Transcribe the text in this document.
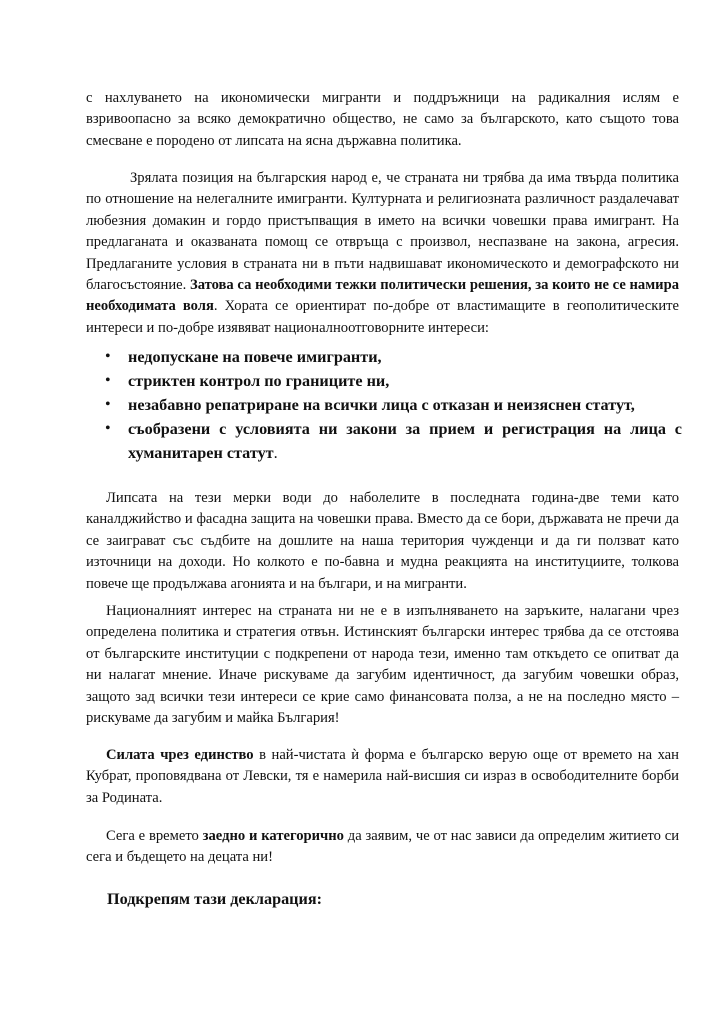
с нахлуването на икономически мигранти и поддръжници на радикалния ислям е взривоопасно за всяко демократично общество, не само за българското, като същото това смесване е породено от липсата на ясна държавна политика.
Зрялата позиция на българския народ е, че страната ни трябва да има твърда политика по отношение на нелегалните имигранти. Културната и религиозната различност раздалечават любезния домакин и гордо пристъпващия в името на всички човешки права имигрант. На предлаганата и оказваната помощ се отвръща с произвол, неспазване на закона, агресия. Предлаганите условия в страната ни в пъти надвишават икономическото и демографското ни благосъстояние. Затова са необходими тежки политически решения, за които не се намира необходимата воля. Хората се ориентират по-добре от властимащите в геополитическите интереси и по-добре изявяват националноотговорните интереси:
• недопускане на повече имигранти,
• стриктен контрол по границите ни,
• незабавно репатриране на всички лица с отказан и неизяснен статут,
• съобразени с условията ни закони за прием и регистрация на лица с хуманитарен статут.
Липсата на тези мерки води до наболелите в последната година-две теми като каналджийство и фасадна защита на човешки права. Вместо да се бори, държавата не пречи да се заиграват със съдбите на дошлите на наша територия чужденци и да ги ползват като източници на доходи. Но колкото е по-бавна и мудна реакцията на институциите, толкова повече ще продължава агонията и на българи, и на мигранти.
Националният интерес на страната ни не е в изпълняването на заръките, налагани чрез определена политика и стратегия отвън. Истинският български интерес трябва да се отстоява от българските институции с подкрепени от народа тези, именно там откъдето се опитват да ни налагат мнение. Иначе рискуваме да загубим идентичност, да загубим човешки образ, защото зад всички тези интереси се крие само финансовата полза, а не на последно място – рискуваме да загубим и майка България!
Силата чрез единство в най-чистата ѝ форма е българско верую още от времето на хан Кубрат, проповядвана от Левски, тя е намерила най-висшия си израз в освободителните борби за Родината.
Сега е времето заедно и категорично да заявим, че от нас зависи да определим житието си сега и бъдещето на децата ни!
Подкрепям тази декларация:
